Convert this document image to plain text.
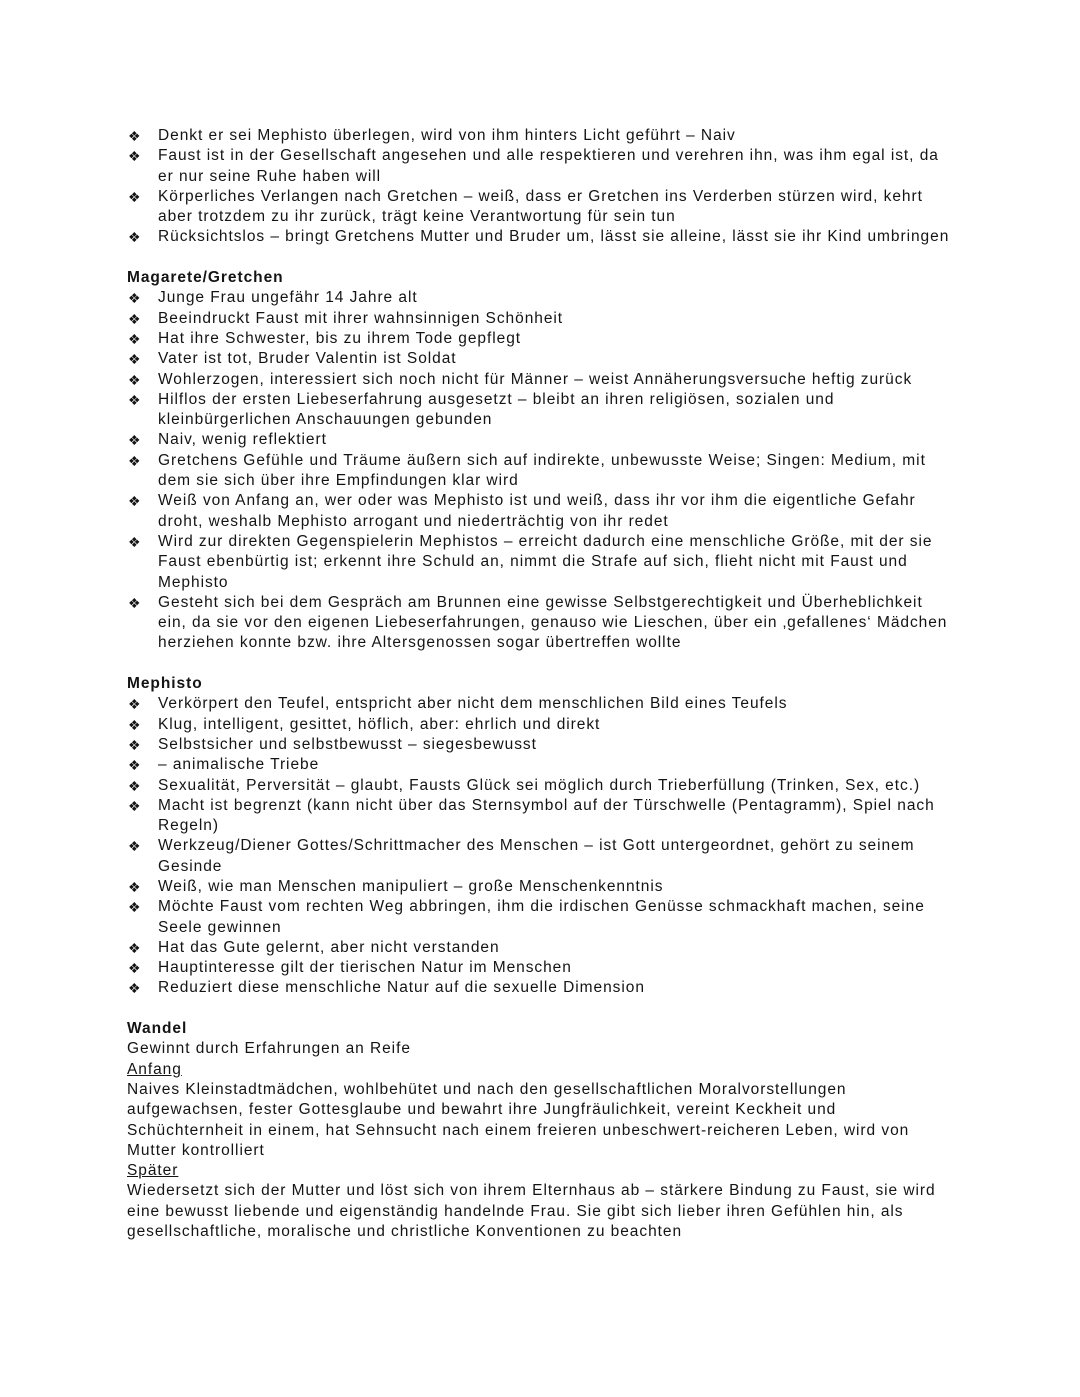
❖ Denkt er sei Mephisto überlegen, wird von ihm hinters Licht geführt – Naiv
❖ Faust ist in der Gesellschaft angesehen und alle respektieren und verehren ihn, was ihm egal ist, da er nur seine Ruhe haben will
❖ Körperliches Verlangen nach Gretchen – weiß, dass er Gretchen ins Verderben stürzen wird, kehrt aber trotzdem zu ihr zurück, trägt keine Verantwortung für sein tun
❖ Rücksichtslos – bringt Gretchens Mutter und Bruder um, lässt sie alleine, lässt sie ihr Kind umbringen
Magarete/Gretchen
❖ Junge Frau ungefähr 14 Jahre alt
❖ Beeindruckt Faust mit ihrer wahnsinnigen Schönheit
❖ Hat ihre Schwester, bis zu ihrem Tode gepflegt
❖ Vater ist tot, Bruder Valentin ist Soldat
❖ Wohlerzogen, interessiert sich noch nicht für Männer – weist Annäherungsversuche heftig zurück
❖ Hilflos der ersten Liebeserfahrung ausgesetzt – bleibt an ihren religiösen, sozialen und kleinbürgerlichen Anschauungen gebunden
❖ Naiv, wenig reflektiert
❖ Gretchens Gefühle und Träume äußern sich auf indirekte, unbewusste Weise; Singen: Medium, mit dem sie sich über ihre Empfindungen klar wird
❖ Weiß von Anfang an, wer oder was Mephisto ist und weiß, dass ihr vor ihm die eigentliche Gefahr droht, weshalb Mephisto arrogant und niederträchtig von ihr redet
❖ Wird zur direkten Gegenspielerin Mephistos – erreicht dadurch eine menschliche Größe, mit der sie Faust ebenbürtig ist; erkennt ihre Schuld an, nimmt die Strafe auf sich, flieht nicht mit Faust und Mephisto
❖ Gesteht sich bei dem Gespräch am Brunnen eine gewisse Selbstgerechtigkeit und Überheblichkeit ein, da sie vor den eigenen Liebeserfahrungen, genauso wie Lieschen, über ein ‚gefallenes‘ Mädchen herziehen konnte bzw. ihre Altersgenossen sogar übertreffen wollte
Mephisto
❖ Verkörpert den Teufel, entspricht aber nicht dem menschlichen Bild eines Teufels
❖ Klug, intelligent, gesittet, höflich, aber: ehrlich und direkt
❖ Selbstsicher und selbstbewusst – siegesbewusst
❖ – animalische Triebe
❖ Sexualität, Perversität – glaubt, Fausts Glück sei möglich durch Trieberfüllung (Trinken, Sex, etc.)
❖ Macht ist begrenzt (kann nicht über das Sternsymbol auf der Türschwelle (Pentagramm), Spiel nach Regeln)
❖ Werkzeug/Diener Gottes/Schrittmacher des Menschen – ist Gott untergeordnet, gehört zu seinem Gesinde
❖ Weiß, wie man Menschen manipuliert – große Menschenkenntnis
❖ Möchte Faust vom rechten Weg abbringen, ihm die irdischen Genüsse schmackhaft machen, seine Seele gewinnen
❖ Hat das Gute gelernt, aber nicht verstanden
❖ Hauptinteresse gilt der tierischen Natur im Menschen
❖ Reduziert diese menschliche Natur auf die sexuelle Dimension
Wandel

Gewinnt durch Erfahrungen an Reife

Anfang

Naives Kleinstadtmädchen, wohlbehütet und nach den gesellschaftlichen Moralvorstellungen aufgewachsen, fester Gottesglaube und bewahrt ihre Jungfräulichkeit, vereint Keckheit und Schüchternheit in einem, hat Sehnsucht nach einem freieren unbeschwert-reicheren Leben, wird von Mutter kontrolliert

Später

Wiedersetzt sich der Mutter und löst sich von ihrem Elternhaus ab – stärkere Bindung zu Faust, sie wird eine bewusst liebende und eigenständig handelnde Frau. Sie gibt sich lieber ihren Gefühlen hin, als gesellschaftliche, moralische und christliche Konventionen zu beachten
